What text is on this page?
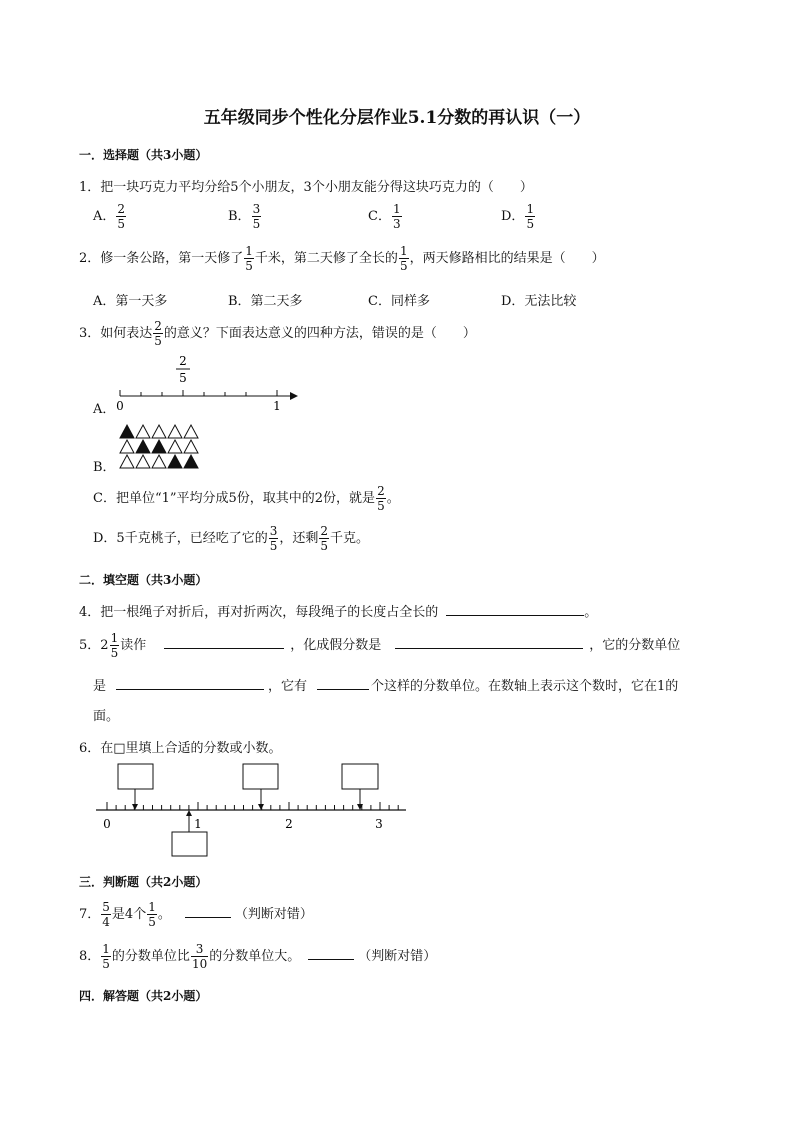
五年级同步个性化分层作业5.1分数的再认识（一）
一．选择题（共3小题）
1．把一块巧克力平均分给5个小朋友，3个小朋友能分得这块巧克力的（　　）
A． $\frac{2}{5}$	B． $\frac{3}{5}$	C． $\frac{1}{3}$	D． $\frac{1}{5}$
2．修一条公路，第一天修了 $\frac{1}{5}$ 千米，第二天修了全长的 $\frac{1}{5}$ ，两天修路相比的结果是（　　）
A．第一天多	B．第二天多	C．同样多	D．无法比较
3．如何表达 $\frac{2}{5}$ 的意义？下面表达意义的四种方法，错误的是（　　）
A．
2
5
0	1
B．
C．把单位“1”平均分成5份，取其中的2份，就是 $\frac{2}{5}$ 。
D．5千克桃子，已经吃了它的 $\frac{3}{5}$ ，还剩 $\frac{2}{5}$ 千克。
二．填空题（共3小题）
4．把一根绳子对折后，再对折两次，每段绳子的长度占全长的	。
5．$2 \frac{1}{5}$ 读作	，化成假分数是	，它的分数单位
是	，它有	个这样的分数单位。在数轴上表示这个数时，它在1的
面。
6．在□里填上合适的分数或小数。
0	1	2	3
三．判断题（共2小题）
7． $\frac{5}{4}$ 是4个 $\frac{1}{5}$ 。	（判断对错）
8． $\frac{1}{5}$ 的分数单位比 $\frac{3}{10}$ 的分数单位大。	（判断对错）
四．解答题（共2小题）
